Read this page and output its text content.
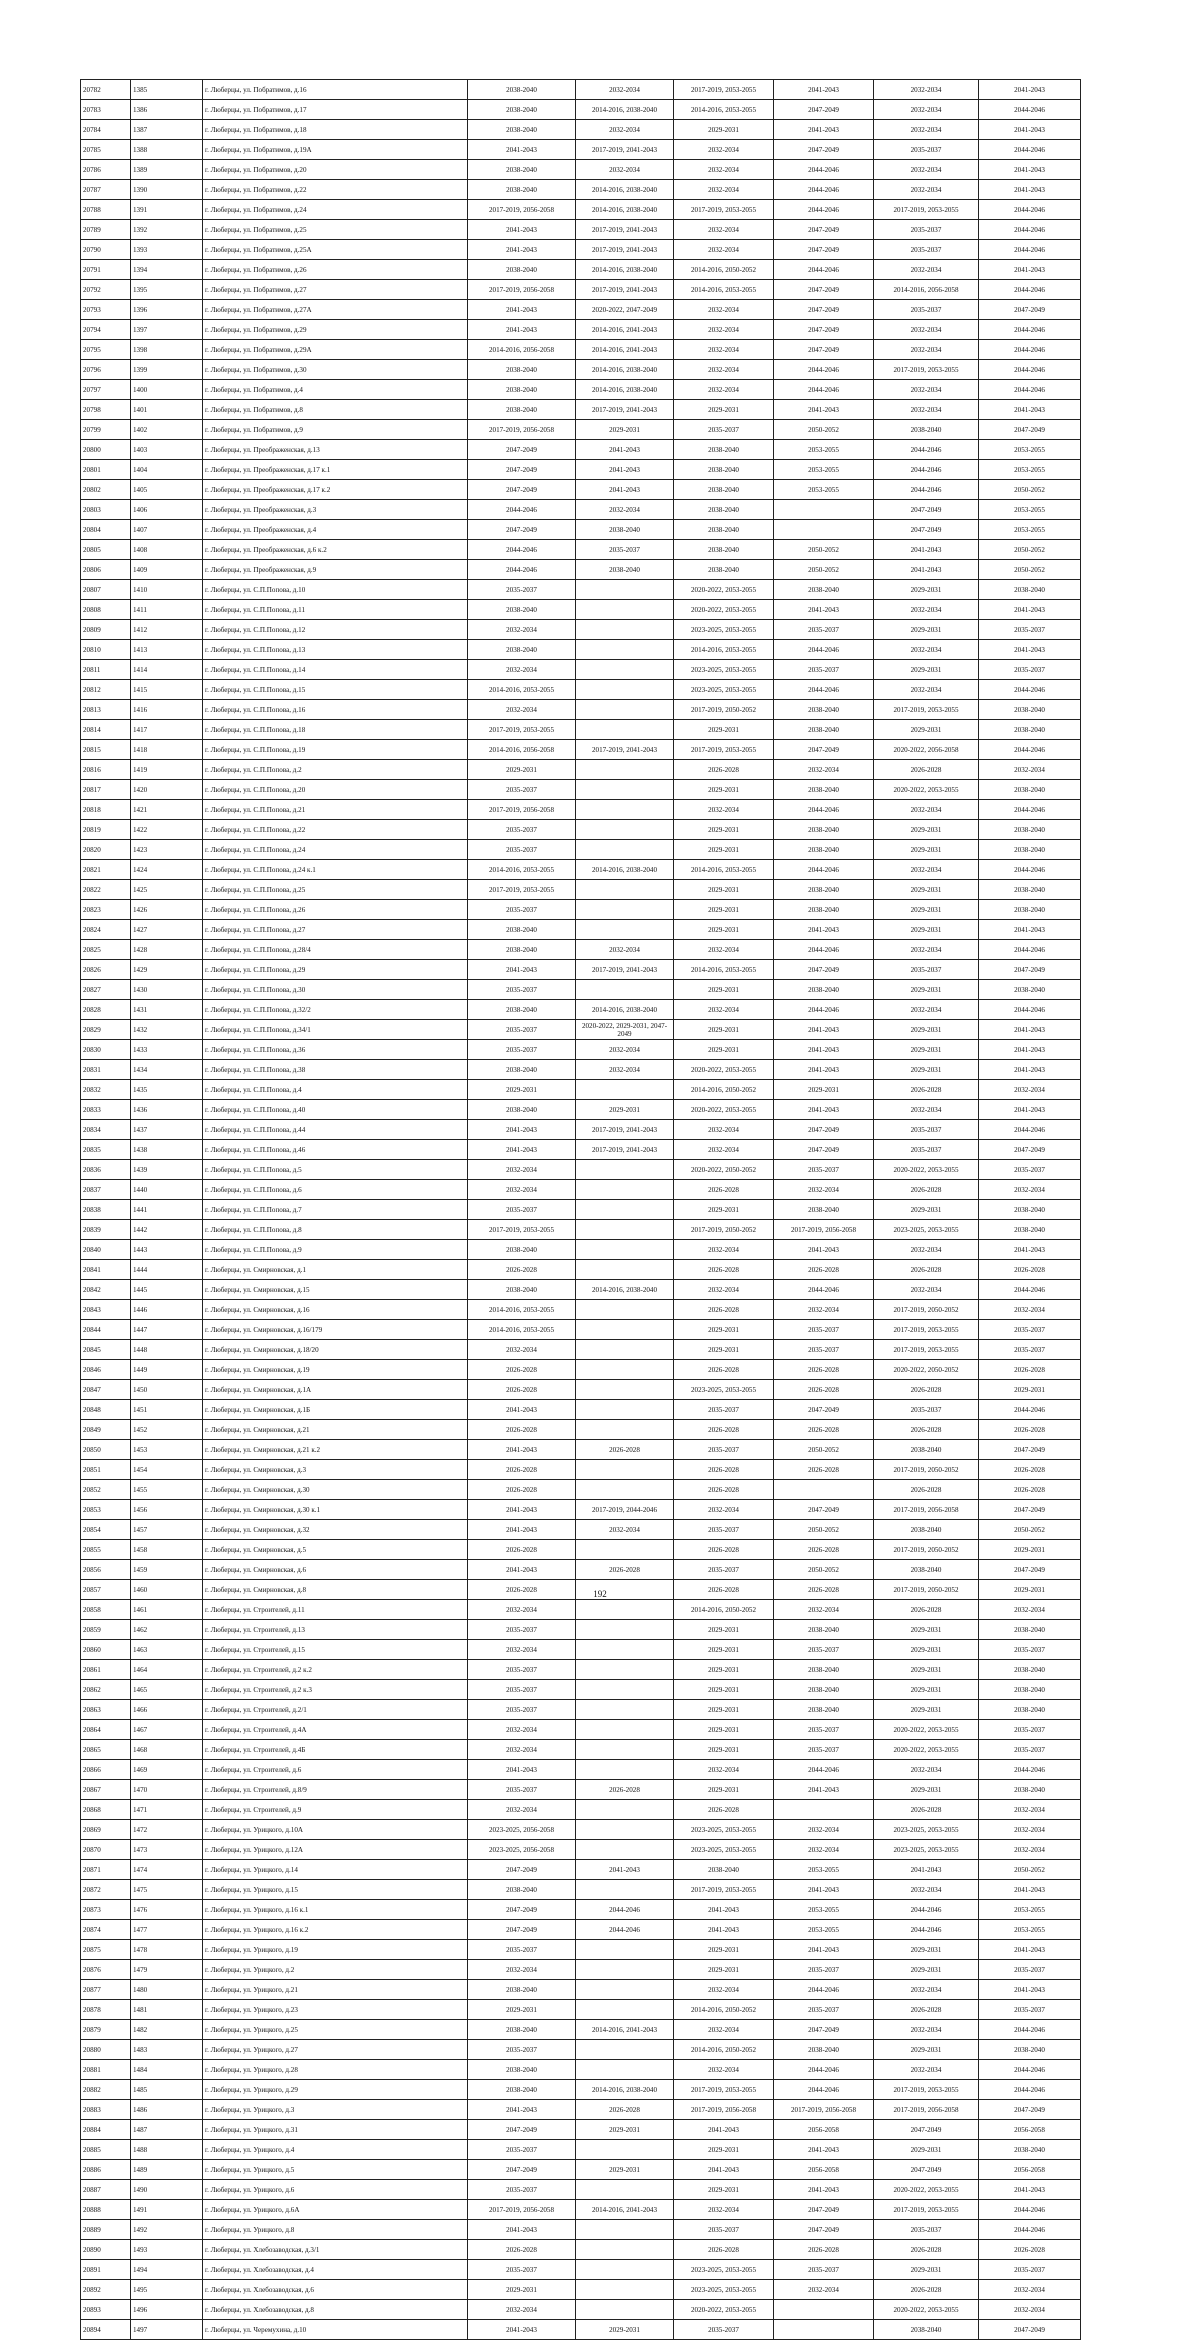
20782	1385	г. Люберцы, ул. Побратимов, д.16	2038-2040	2032-2034	2017-2019, 2053-2055	2041-2043	2032-2034	2041-2043
20783	1386	г. Люберцы, ул. Побратимов, д.17	2038-2040	2014-2016, 2038-2040	2014-2016, 2053-2055	2047-2049	2032-2034	2044-2046
20784	1387	г. Люберцы, ул. Побратимов, д.18	2038-2040	2032-2034	2029-2031	2041-2043	2032-2034	2041-2043
20785	1388	г. Люберцы, ул. Побратимов, д.19А	2041-2043	2017-2019, 2041-2043	2032-2034	2047-2049	2035-2037	2044-2046
20786	1389	г. Люберцы, ул. Побратимов, д.20	2038-2040	2032-2034	2032-2034	2044-2046	2032-2034	2041-2043
20787	1390	г. Люберцы, ул. Побратимов, д.22	2038-2040	2014-2016, 2038-2040	2032-2034	2044-2046	2032-2034	2041-2043
20788	1391	г. Люберцы, ул. Побратимов, д.24	2017-2019, 2056-2058	2014-2016, 2038-2040	2017-2019, 2053-2055	2044-2046	2017-2019, 2053-2055	2044-2046
20789	1392	г. Люберцы, ул. Побратимов, д.25	2041-2043	2017-2019, 2041-2043	2032-2034	2047-2049	2035-2037	2044-2046
20790	1393	г. Люберцы, ул. Побратимов, д.25А	2041-2043	2017-2019, 2041-2043	2032-2034	2047-2049	2035-2037	2044-2046
20791	1394	г. Люберцы, ул. Побратимов, д.26	2038-2040	2014-2016, 2038-2040	2014-2016, 2050-2052	2044-2046	2032-2034	2041-2043
20792	1395	г. Люберцы, ул. Побратимов, д.27	2017-2019, 2056-2058	2017-2019, 2041-2043	2014-2016, 2053-2055	2047-2049	2014-2016, 2056-2058	2044-2046
20793	1396	г. Люберцы, ул. Побратимов, д.27А	2041-2043	2020-2022, 2047-2049	2032-2034	2047-2049	2035-2037	2047-2049
20794	1397	г. Люберцы, ул. Побратимов, д.29	2041-2043	2014-2016, 2041-2043	2032-2034	2047-2049	2032-2034	2044-2046
20795	1398	г. Люберцы, ул. Побратимов, д.29А	2014-2016, 2056-2058	2014-2016, 2041-2043	2032-2034	2047-2049	2032-2034	2044-2046
20796	1399	г. Люберцы, ул. Побратимов, д.30	2038-2040	2014-2016, 2038-2040	2032-2034	2044-2046	2017-2019, 2053-2055	2044-2046
20797	1400	г. Люберцы, ул. Побратимов, д.4	2038-2040	2014-2016, 2038-2040	2032-2034	2044-2046	2032-2034	2044-2046
20798	1401	г. Люберцы, ул. Побратимов, д.8	2038-2040	2017-2019, 2041-2043	2029-2031	2041-2043	2032-2034	2041-2043
20799	1402	г. Люберцы, ул. Побратимов, д.9	2017-2019, 2056-2058	2029-2031	2035-2037	2050-2052	2038-2040	2047-2049
20800	1403	г. Люберцы, ул. Преображенская, д.13	2047-2049	2041-2043	2038-2040	2053-2055	2044-2046	2053-2055
20801	1404	г. Люберцы, ул. Преображенская, д.17 к.1	2047-2049	2041-2043	2038-2040	2053-2055	2044-2046	2053-2055
20802	1405	г. Люберцы, ул. Преображенская, д.17 к.2	2047-2049	2041-2043	2038-2040	2053-2055	2044-2046	2050-2052
20803	1406	г. Люберцы, ул. Преображенская, д.3	2044-2046	2032-2034	2038-2040		2047-2049	2053-2055
20804	1407	г. Люберцы, ул. Преображенская, д.4	2047-2049	2038-2040	2038-2040		2047-2049	2053-2055
20805	1408	г. Люберцы, ул. Преображенская, д.6 к.2	2044-2046	2035-2037	2038-2040	2050-2052	2041-2043	2050-2052
20806	1409	г. Люберцы, ул. Преображенская, д.9	2044-2046	2038-2040	2038-2040	2050-2052	2041-2043	2050-2052
20807	1410	г. Люберцы, ул. С.П.Попова, д.10	2035-2037		2020-2022, 2053-2055	2038-2040	2029-2031	2038-2040
20808	1411	г. Люберцы, ул. С.П.Попова, д.11	2038-2040		2020-2022, 2053-2055	2041-2043	2032-2034	2041-2043
20809	1412	г. Люберцы, ул. С.П.Попова, д.12	2032-2034		2023-2025, 2053-2055	2035-2037	2029-2031	2035-2037
20810	1413	г. Люберцы, ул. С.П.Попова, д.13	2038-2040		2014-2016, 2053-2055	2044-2046	2032-2034	2041-2043
20811	1414	г. Люберцы, ул. С.П.Попова, д.14	2032-2034		2023-2025, 2053-2055	2035-2037	2029-2031	2035-2037
20812	1415	г. Люберцы, ул. С.П.Попова, д.15	2014-2016, 2053-2055		2023-2025, 2053-2055	2044-2046	2032-2034	2044-2046
20813	1416	г. Люберцы, ул. С.П.Попова, д.16	2032-2034		2017-2019, 2050-2052	2038-2040	2017-2019, 2053-2055	2038-2040
20814	1417	г. Люберцы, ул. С.П.Попова, д.18	2017-2019, 2053-2055		2029-2031	2038-2040	2029-2031	2038-2040
20815	1418	г. Люберцы, ул. С.П.Попова, д.19	2014-2016, 2056-2058	2017-2019, 2041-2043	2017-2019, 2053-2055	2047-2049	2020-2022, 2056-2058	2044-2046
20816	1419	г. Люберцы, ул. С.П.Попова, д.2	2029-2031		2026-2028	2032-2034	2026-2028	2032-2034
20817	1420	г. Люберцы, ул. С.П.Попова, д.20	2035-2037		2029-2031	2038-2040	2020-2022, 2053-2055	2038-2040
20818	1421	г. Люберцы, ул. С.П.Попова, д.21	2017-2019, 2056-2058		2032-2034	2044-2046	2032-2034	2044-2046
20819	1422	г. Люберцы, ул. С.П.Попова, д.22	2035-2037		2029-2031	2038-2040	2029-2031	2038-2040
20820	1423	г. Люберцы, ул. С.П.Попова, д.24	2035-2037		2029-2031	2038-2040	2029-2031	2038-2040
20821	1424	г. Люберцы, ул. С.П.Попова, д.24 к.1	2014-2016, 2053-2055	2014-2016, 2038-2040	2014-2016, 2053-2055	2044-2046	2032-2034	2044-2046
20822	1425	г. Люберцы, ул. С.П.Попова, д.25	2017-2019, 2053-2055		2029-2031	2038-2040	2029-2031	2038-2040
20823	1426	г. Люберцы, ул. С.П.Попова, д.26	2035-2037		2029-2031	2038-2040	2029-2031	2038-2040
20824	1427	г. Люберцы, ул. С.П.Попова, д.27	2038-2040		2029-2031	2041-2043	2029-2031	2041-2043
20825	1428	г. Люберцы, ул. С.П.Попова, д.28/4	2038-2040	2032-2034	2032-2034	2044-2046	2032-2034	2044-2046
20826	1429	г. Люберцы, ул. С.П.Попова, д.29	2041-2043	2017-2019, 2041-2043	2014-2016, 2053-2055	2047-2049	2035-2037	2047-2049
20827	1430	г. Люберцы, ул. С.П.Попова, д.30	2035-2037		2029-2031	2038-2040	2029-2031	2038-2040
20828	1431	г. Люберцы, ул. С.П.Попова, д.32/2	2038-2040	2014-2016, 2038-2040	2032-2034	2044-2046	2032-2034	2044-2046
20829	1432	г. Люберцы, ул. С.П.Попова, д.34/1	2035-2037	2020-2022, 2029-2031, 2047-2049	2029-2031	2041-2043	2029-2031	2041-2043
20830	1433	г. Люберцы, ул. С.П.Попова, д.36	2035-2037	2032-2034	2029-2031	2041-2043	2029-2031	2041-2043
20831	1434	г. Люберцы, ул. С.П.Попова, д.38	2038-2040	2032-2034	2020-2022, 2053-2055	2041-2043	2029-2031	2041-2043
20832	1435	г. Люберцы, ул. С.П.Попова, д.4	2029-2031		2014-2016, 2050-2052	2029-2031	2026-2028	2032-2034
20833	1436	г. Люберцы, ул. С.П.Попова, д.40	2038-2040	2029-2031	2020-2022, 2053-2055	2041-2043	2032-2034	2041-2043
20834	1437	г. Люберцы, ул. С.П.Попова, д.44	2041-2043	2017-2019, 2041-2043	2032-2034	2047-2049	2035-2037	2044-2046
20835	1438	г. Люберцы, ул. С.П.Попова, д.46	2041-2043	2017-2019, 2041-2043	2032-2034	2047-2049	2035-2037	2047-2049
20836	1439	г. Люберцы, ул. С.П.Попова, д.5	2032-2034		2020-2022, 2050-2052	2035-2037	2020-2022, 2053-2055	2035-2037
20837	1440	г. Люберцы, ул. С.П.Попова, д.6	2032-2034		2026-2028	2032-2034	2026-2028	2032-2034
20838	1441	г. Люберцы, ул. С.П.Попова, д.7	2035-2037		2029-2031	2038-2040	2029-2031	2038-2040
20839	1442	г. Люберцы, ул. С.П.Попова, д.8	2017-2019, 2053-2055		2017-2019, 2050-2052	2017-2019, 2056-2058	2023-2025, 2053-2055	2038-2040
20840	1443	г. Люберцы, ул. С.П.Попова, д.9	2038-2040		2032-2034	2041-2043	2032-2034	2041-2043
20841	1444	г. Люберцы, ул. Смирновская, д.1	2026-2028		2026-2028	2026-2028	2026-2028	2026-2028
20842	1445	г. Люберцы, ул. Смирновская, д.15	2038-2040	2014-2016, 2038-2040	2032-2034	2044-2046	2032-2034	2044-2046
20843	1446	г. Люберцы, ул. Смирновская, д.16	2014-2016, 2053-2055		2026-2028	2032-2034	2017-2019, 2050-2052	2032-2034
20844	1447	г. Люберцы, ул. Смирновская, д.16/179	2014-2016, 2053-2055		2029-2031	2035-2037	2017-2019, 2053-2055	2035-2037
20845	1448	г. Люберцы, ул. Смирновская, д.18/20	2032-2034		2029-2031	2035-2037	2017-2019, 2053-2055	2035-2037
20846	1449	г. Люберцы, ул. Смирновская, д.19	2026-2028		2026-2028	2026-2028	2020-2022, 2050-2052	2026-2028
20847	1450	г. Люберцы, ул. Смирновская, д.1А	2026-2028		2023-2025, 2053-2055	2026-2028	2026-2028	2029-2031
20848	1451	г. Люберцы, ул. Смирновская, д.1Б	2041-2043		2035-2037	2047-2049	2035-2037	2044-2046
20849	1452	г. Люберцы, ул. Смирновская, д.21	2026-2028		2026-2028	2026-2028	2026-2028	2026-2028
20850	1453	г. Люберцы, ул. Смирновская, д.21 к.2	2041-2043	2026-2028	2035-2037	2050-2052	2038-2040	2047-2049
20851	1454	г. Люберцы, ул. Смирновская, д.3	2026-2028		2026-2028	2026-2028	2017-2019, 2050-2052	2026-2028
20852	1455	г. Люберцы, ул. Смирновская, д.30	2026-2028		2026-2028		2026-2028	2026-2028
20853	1456	г. Люберцы, ул. Смирновская, д.30 к.1	2041-2043	2017-2019, 2044-2046	2032-2034	2047-2049	2017-2019, 2056-2058	2047-2049
20854	1457	г. Люберцы, ул. Смирновская, д.32	2041-2043	2032-2034	2035-2037	2050-2052	2038-2040	2050-2052
20855	1458	г. Люберцы, ул. Смирновская, д.5	2026-2028		2026-2028	2026-2028	2017-2019, 2050-2052	2029-2031
20856	1459	г. Люберцы, ул. Смирновская, д.6	2041-2043	2026-2028	2035-2037	2050-2052	2038-2040	2047-2049
20857	1460	г. Люберцы, ул. Смирновская, д.8	2026-2028		2026-2028	2026-2028	2017-2019, 2050-2052	2029-2031
20858	1461	г. Люберцы, ул. Строителей, д.11	2032-2034		2014-2016, 2050-2052	2032-2034	2026-2028	2032-2034
20859	1462	г. Люберцы, ул. Строителей, д.13	2035-2037		2029-2031	2038-2040	2029-2031	2038-2040
20860	1463	г. Люберцы, ул. Строителей, д.15	2032-2034		2029-2031	2035-2037	2029-2031	2035-2037
20861	1464	г. Люберцы, ул. Строителей, д.2 к.2	2035-2037		2029-2031	2038-2040	2029-2031	2038-2040
20862	1465	г. Люберцы, ул. Строителей, д.2 к.3	2035-2037		2029-2031	2038-2040	2029-2031	2038-2040
20863	1466	г. Люберцы, ул. Строителей, д.2/1	2035-2037		2029-2031	2038-2040	2029-2031	2038-2040
20864	1467	г. Люберцы, ул. Строителей, д.4А	2032-2034		2029-2031	2035-2037	2020-2022, 2053-2055	2035-2037
20865	1468	г. Люберцы, ул. Строителей, д.4Б	2032-2034		2029-2031	2035-2037	2020-2022, 2053-2055	2035-2037
20866	1469	г. Люберцы, ул. Строителей, д.6	2041-2043		2032-2034	2044-2046	2032-2034	2044-2046
20867	1470	г. Люберцы, ул. Строителей, д.8/9	2035-2037	2026-2028	2029-2031	2041-2043	2029-2031	2038-2040
20868	1471	г. Люберцы, ул. Строителей, д.9	2032-2034		2026-2028		2026-2028	2032-2034
20869	1472	г. Люберцы, ул. Урицкого, д.10А	2023-2025, 2056-2058		2023-2025, 2053-2055	2032-2034	2023-2025, 2053-2055	2032-2034
20870	1473	г. Люберцы, ул. Урицкого, д.12А	2023-2025, 2056-2058		2023-2025, 2053-2055	2032-2034	2023-2025, 2053-2055	2032-2034
20871	1474	г. Люберцы, ул. Урицкого, д.14	2047-2049	2041-2043	2038-2040	2053-2055	2041-2043	2050-2052
20872	1475	г. Люберцы, ул. Урицкого, д.15	2038-2040		2017-2019, 2053-2055	2041-2043	2032-2034	2041-2043
20873	1476	г. Люберцы, ул. Урицкого, д.16 к.1	2047-2049	2044-2046	2041-2043	2053-2055	2044-2046	2053-2055
20874	1477	г. Люберцы, ул. Урицкого, д.16 к.2	2047-2049	2044-2046	2041-2043	2053-2055	2044-2046	2053-2055
20875	1478	г. Люберцы, ул. Урицкого, д.19	2035-2037		2029-2031	2041-2043	2029-2031	2041-2043
20876	1479	г. Люберцы, ул. Урицкого, д.2	2032-2034		2029-2031	2035-2037	2029-2031	2035-2037
20877	1480	г. Люберцы, ул. Урицкого, д.21	2038-2040		2032-2034	2044-2046	2032-2034	2041-2043
20878	1481	г. Люберцы, ул. Урицкого, д.23	2029-2031		2014-2016, 2050-2052	2035-2037	2026-2028	2035-2037
20879	1482	г. Люберцы, ул. Урицкого, д.25	2038-2040	2014-2016, 2041-2043	2032-2034	2047-2049	2032-2034	2044-2046
20880	1483	г. Люберцы, ул. Урицкого, д.27	2035-2037		2014-2016, 2050-2052	2038-2040	2029-2031	2038-2040
20881	1484	г. Люберцы, ул. Урицкого, д.28	2038-2040		2032-2034	2044-2046	2032-2034	2044-2046
20882	1485	г. Люберцы, ул. Урицкого, д.29	2038-2040	2014-2016, 2038-2040	2017-2019, 2053-2055	2044-2046	2017-2019, 2053-2055	2044-2046
20883	1486	г. Люберцы, ул. Урицкого, д.3	2041-2043	2026-2028	2017-2019, 2056-2058	2017-2019, 2056-2058	2017-2019, 2056-2058	2047-2049
20884	1487	г. Люберцы, ул. Урицкого, д.31	2047-2049	2029-2031	2041-2043	2056-2058	2047-2049	2056-2058
20885	1488	г. Люберцы, ул. Урицкого, д.4	2035-2037		2029-2031	2041-2043	2029-2031	2038-2040
20886	1489	г. Люберцы, ул. Урицкого, д.5	2047-2049	2029-2031	2041-2043	2056-2058	2047-2049	2056-2058
20887	1490	г. Люберцы, ул. Урицкого, д.6	2035-2037		2029-2031	2041-2043	2020-2022, 2053-2055	2041-2043
20888	1491	г. Люберцы, ул. Урицкого, д.6А	2017-2019, 2056-2058	2014-2016, 2041-2043	2032-2034	2047-2049	2017-2019, 2053-2055	2044-2046
20889	1492	г. Люберцы, ул. Урицкого, д.8	2041-2043		2035-2037	2047-2049	2035-2037	2044-2046
20890	1493	г. Люберцы, ул. Хлебозаводская, д.3/1	2026-2028		2026-2028	2026-2028	2026-2028	2026-2028
20891	1494	г. Люберцы, ул. Хлебозаводская, д.4	2035-2037		2023-2025, 2053-2055	2035-2037	2029-2031	2035-2037
20892	1495	г. Люберцы, ул. Хлебозаводская, д.6	2029-2031		2023-2025, 2053-2055	2032-2034	2026-2028	2032-2034
20893	1496	г. Люберцы, ул. Хлебозаводская, д.8	2032-2034		2020-2022, 2053-2055		2020-2022, 2053-2055	2032-2034
20894	1497	г. Люберцы, ул. Черемухина, д.10	2041-2043	2029-2031	2035-2037		2038-2040	2047-2049
192
